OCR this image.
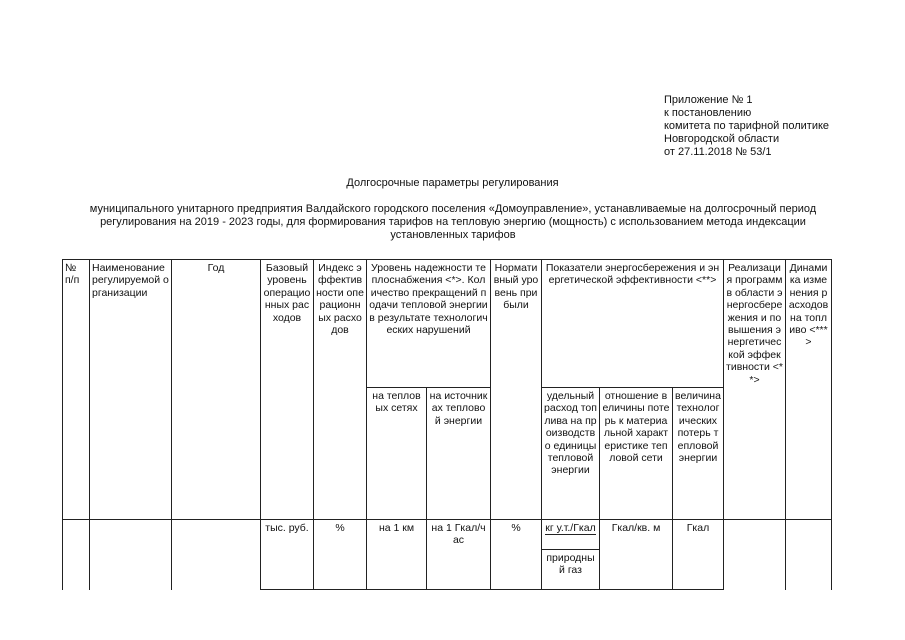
Приложение № 1
к постановлению
комитета по тарифной политике
Новгородской области
от 27.11.2018 № 53/1
Долгосрочные параметры регулирования
муниципального унитарного предприятия Валдайского городского поселения «Домоуправление», устанавливаемые на долгосрочный период регулирования на 2019 - 2023 годы, для формирования тарифов на тепловую энергию (мощность) с использованием метода индексации установленных тарифов
№ п/п	Наименование регулируемой организации	Год	Базовый уровень операционных расходов	Индекс эффективности операционных расходов	Уровень надежности теплоснабжения <*>. Количество прекращений подачи тепловой энергии в результате технологических нарушений		Нормативный уровень прибыли	Показатели энергосбережения и энергетической эффективности <**>			Реализация программ в области энергосбережения и повышения энергетической эффективности <**>	Динамика изменения расходов на топливо <***>
					на тепловых сетях	на источниках тепловой энергии		удельный расход топлива на производство единицы тепловой энергии	отношение величины потерь к материальной характеристике тепловой сети	величина технологических потерь тепловой энергии		
			тыс. руб.	%	на 1 км	на 1 Гкал/час	%	кг у.т./Гкал	Гкал/кв. м	Гкал		
								природный газ				
